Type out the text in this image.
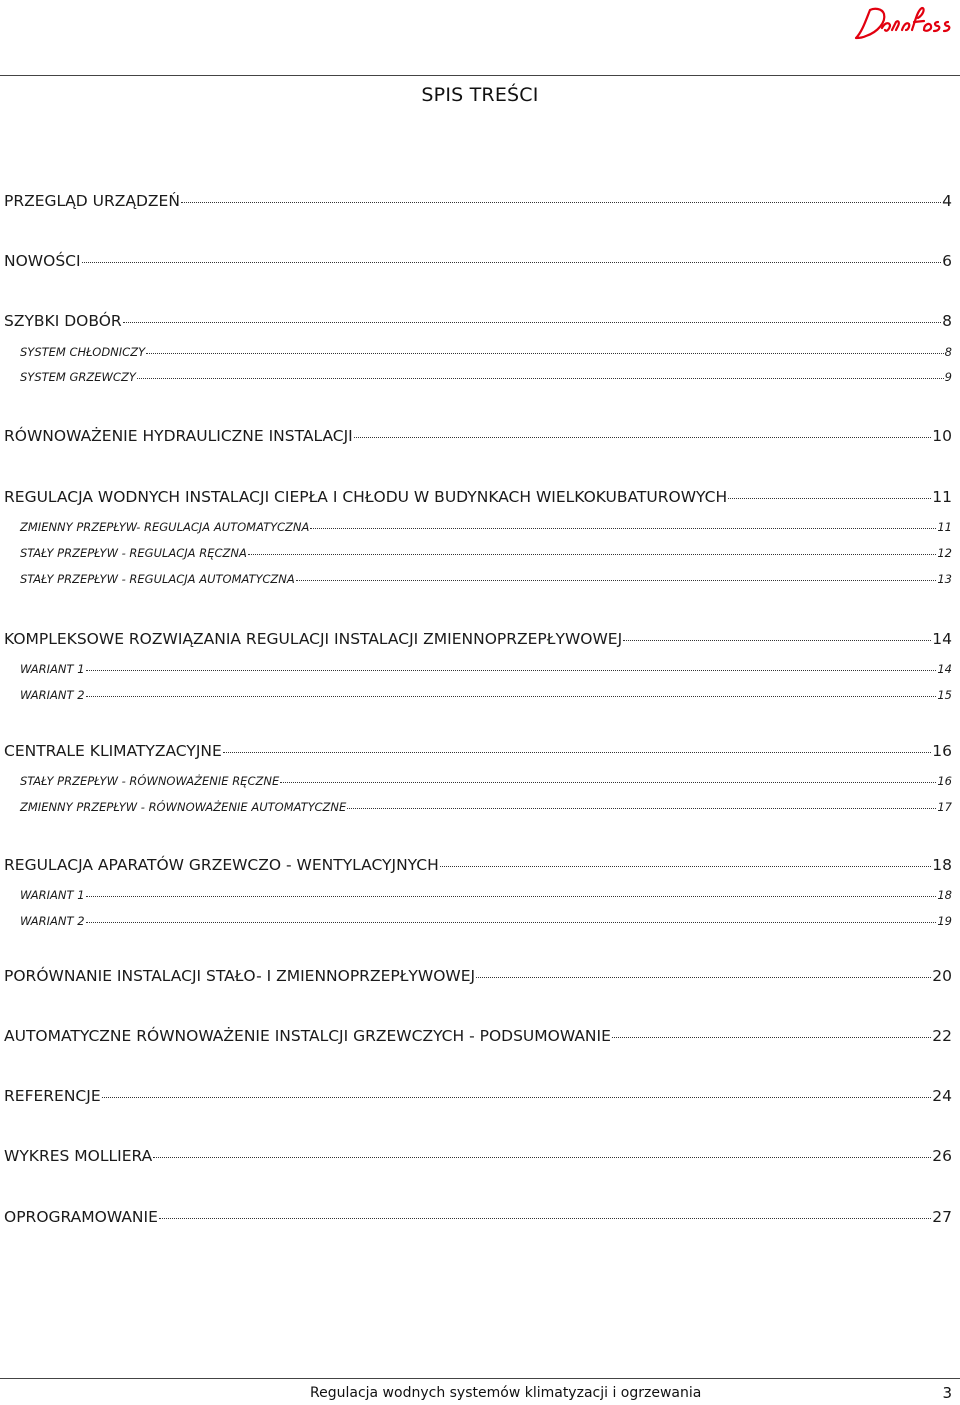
SPIS TREŚCI
PRZEGLĄD URZĄDZEŃ	4
NOWOŚCI	6
SZYBKI DOBÓR	8
SYSTEM CHŁODNICZY	8
SYSTEM GRZEWCZY	9
RÓWNOWAŻENIE HYDRAULICZNE INSTALACJI	10
REGULACJA WODNYCH INSTALACJI CIEPŁA I CHŁODU W BUDYNKACH WIELKOKUBATUROWYCH	11
ZMIENNY PRZEPŁYW- REGULACJA AUTOMATYCZNA	11
STAŁY PRZEPŁYW - REGULACJA RĘCZNA	12
STAŁY PRZEPŁYW - REGULACJA AUTOMATYCZNA	13
KOMPLEKSOWE ROZWIĄZANIA REGULACJI INSTALACJI ZMIENNOPRZEPŁYWOWEJ	14
WARIANT 1	14
WARIANT 2	15
CENTRALE KLIMATYZACYJNE	16
STAŁY PRZEPŁYW - RÓWNOWAŻENIE RĘCZNE	16
ZMIENNY PRZEPŁYW - RÓWNOWAŻENIE AUTOMATYCZNE	17
REGULACJA APARATÓW GRZEWCZO - WENTYLACYJNYCH	18
WARIANT 1	18
WARIANT 2	19
PORÓWNANIE INSTALACJI STAŁO- I ZMIENNOPRZEPŁYWOWEJ	20
AUTOMATYCZNE RÓWNOWAŻENIE INSTALCJI GRZEWCZYCH - PODSUMOWANIE	22
REFERENCJE	24
WYKRES MOLLIERA	26
OPROGRAMOWANIE	27
Regulacja wodnych systemów klimatyzacji i ogrzewania	3
